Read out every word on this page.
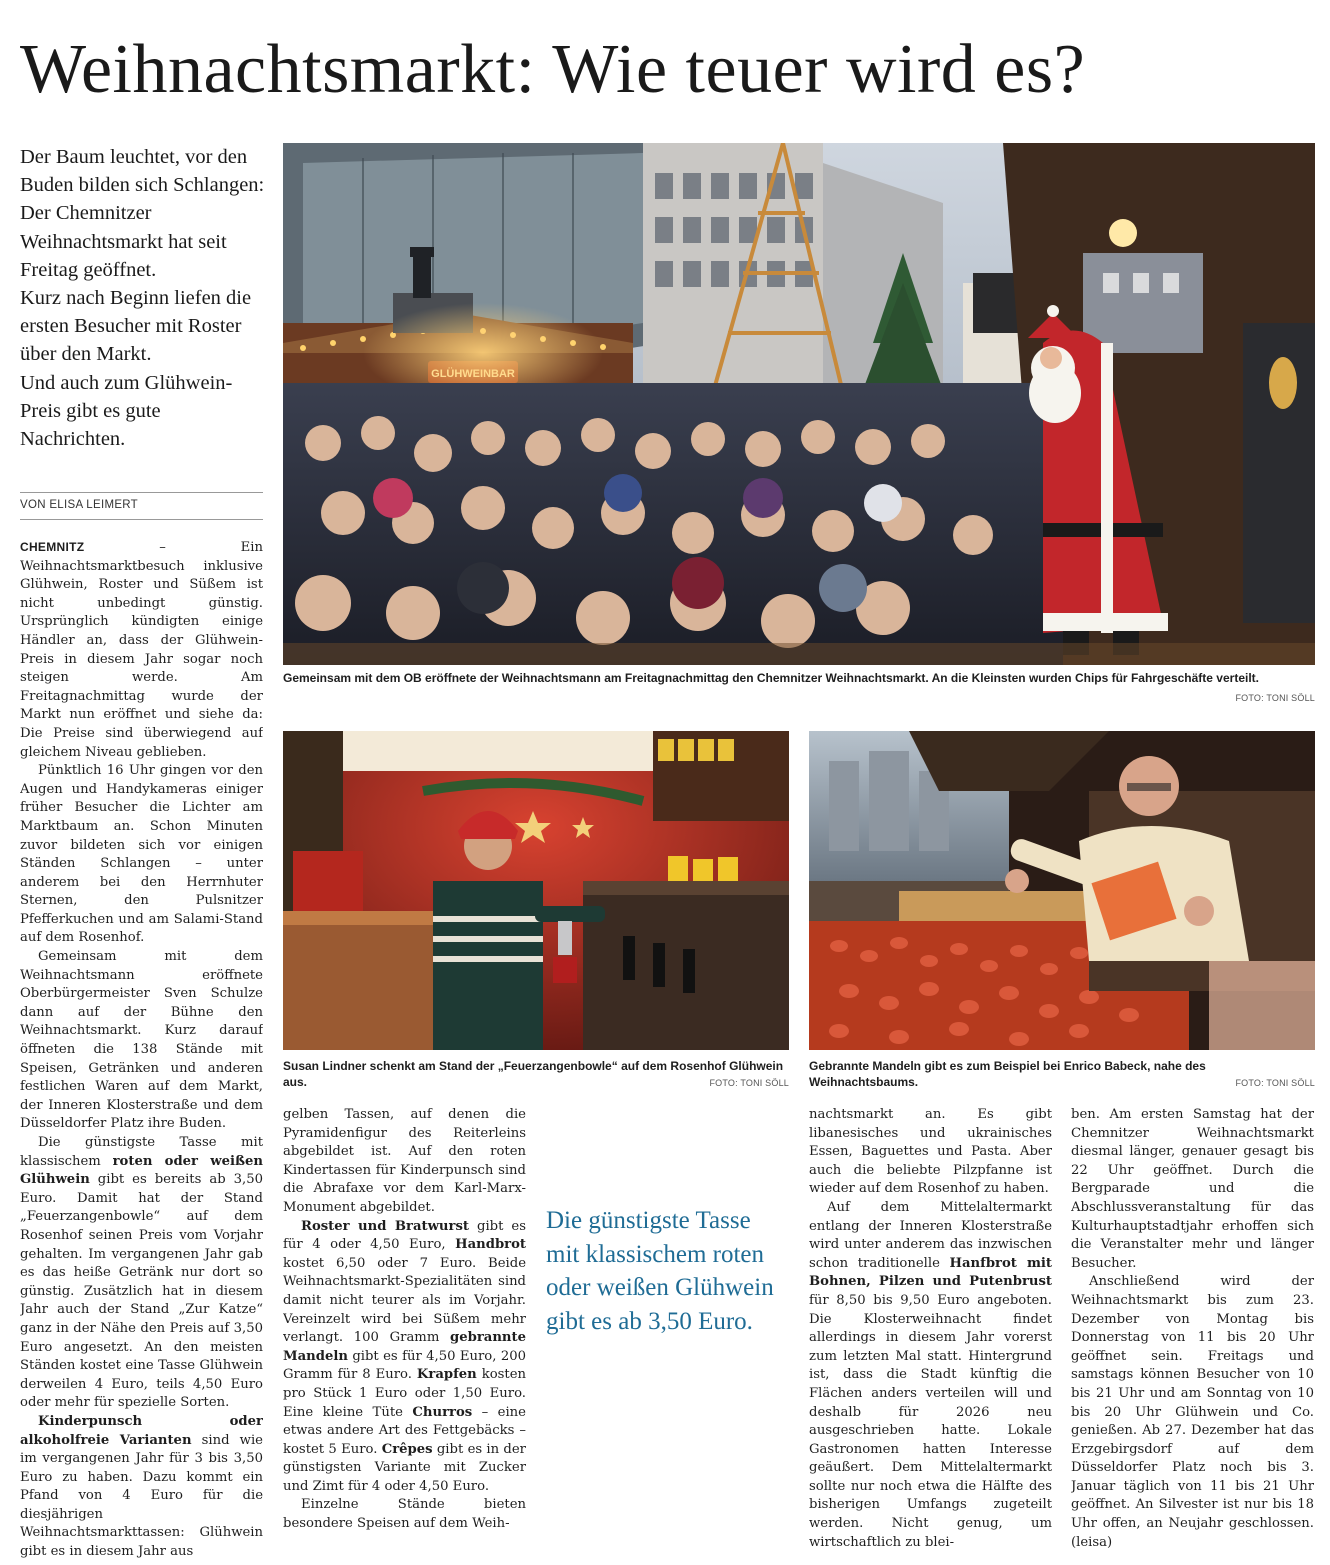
Weihnachtsmarkt: Wie teuer wird es?

Der Baum leuchtet, vor den Buden bilden sich Schlangen:

Der Chemnitzer Weihnachtsmarkt hat seit Freitag geöffnet.

Kurz nach Beginn liefen die ersten Besucher mit Roster über den Markt.

Und auch zum Glühwein-Preis gibt es gute Nachrichten.

VON ELISA LEIMERT
Gemeinsam mit dem OB eröffnete der Weihnachtsmann am Freitagnachmittag den Chemnitzer Weihnachtsmarkt. An die Kleinsten wurden Chips für Fahrgeschäfte verteilt.
FOTO: TONI SÖLL
Susan Lindner schenkt am Stand der „Feuerzangenbowle“ auf dem Rosenhof Glühwein aus.	FOTO: TONI SÖLL
Gebrannte Mandeln gibt es zum Beispiel bei Enrico Babeck, nahe des Weihnachtsbaums.	FOTO: TONI SÖLL

CHEMNITZ – Ein Weihnachtsmarktbesuch inklusive Glühwein, Roster und Süßem ist nicht unbedingt günstig. Ursprünglich kündigten einige Händler an, dass der Glühwein-Preis in diesem Jahr sogar noch steigen werde. Am Freitagnachmittag wurde der Markt nun eröffnet und siehe da: Die Preise sind überwiegend auf gleichem Niveau geblieben.

Pünktlich 16 Uhr gingen vor den Augen und Handykameras einiger früher Besucher die Lichter am Marktbaum an. Schon Minuten zuvor bildeten sich vor einigen Ständen Schlangen – unter anderem bei den Herrnhuter Sternen, den Pulsnitzer Pfefferkuchen und am Salami-Stand auf dem Rosenhof.

Gemeinsam mit dem Weihnachtsmann eröffnete Oberbürgermeister Sven Schulze dann auf der Bühne den Weihnachtsmarkt. Kurz darauf öffneten die 138 Stände mit Speisen, Getränken und anderen festlichen Waren auf dem Markt, der Inneren Klosterstraße und dem Düsseldorfer Platz ihre Buden.

Die günstigste Tasse mit klassischem roten oder weißen Glühwein gibt es bereits ab 3,50 Euro. Damit hat der Stand „Feuerzangenbowle“ auf dem Rosenhof seinen Preis vom Vorjahr gehalten. Im vergangenen Jahr gab es das heiße Getränk nur dort so günstig. Zusätzlich hat in diesem Jahr auch der Stand „Zur Katze“ ganz in der Nähe den Preis auf 3,50 Euro angesetzt. An den meisten Ständen kostet eine Tasse Glühwein derweilen 4 Euro, teils 4,50 Euro oder mehr für spezielle Sorten.

Kinderpunsch oder alkoholfreie Varianten sind wie im vergangenen Jahr für 3 bis 3,50 Euro zu haben. Dazu kommt ein Pfand von 4 Euro für die diesjährigen Weihnachtsmarkttassen: Glühwein gibt es in diesem Jahr aus

gelben Tassen, auf denen die Pyramidenfigur des Reiterleins abgebildet ist. Auf den roten Kindertassen für Kinderpunsch sind die Abrafaxe vor dem Karl-Marx-Monument abgebildet.

Roster und Bratwurst gibt es für 4 oder 4,50 Euro, Handbrot kostet 6,50 oder 7 Euro. Beide Weihnachtsmarkt-Spezialitäten sind damit nicht teurer als im Vorjahr. Vereinzelt wird bei Süßem mehr verlangt. 100 Gramm gebrannte Mandeln gibt es für 4,50 Euro, 200 Gramm für 8 Euro. Krapfen kosten pro Stück 1 Euro oder 1,50 Euro. Eine kleine Tüte Churros – eine etwas andere Art des Fettgebäcks – kostet 5 Euro. Crêpes gibt es in der günstigsten Variante mit Zucker und Zimt für 4 oder 4,50 Euro.

Einzelne Stände bieten besondere Speisen auf dem Weih-

Die günstigste Tasse mit klassischem roten oder weißen Glühwein gibt es ab 3,50 Euro.

nachtsmarkt an. Es gibt libanesisches und ukrainisches Essen, Baguettes und Pasta. Aber auch die beliebte Pilzpfanne ist wieder auf dem Rosenhof zu haben.

Auf dem Mittelaltermarkt entlang der Inneren Klosterstraße wird unter anderem das inzwischen schon traditionelle Hanfbrot mit Bohnen, Pilzen und Putenbrust für 8,50 bis 9,50 Euro angeboten. Die Klosterweihnacht findet allerdings in diesem Jahr vorerst zum letzten Mal statt. Hintergrund ist, dass die Stadt künftig die Flächen anders verteilen will und deshalb für 2026 neu ausgeschrieben hatte. Lokale Gastronomen hatten Interesse geäußert. Dem Mittelaltermarkt sollte nur noch etwa die Hälfte des bisherigen Umfangs zugeteilt werden. Nicht genug, um wirtschaftlich zu blei-

ben. Am ersten Samstag hat der Chemnitzer Weihnachtsmarkt diesmal länger, genauer gesagt bis 22 Uhr geöffnet. Durch die Bergparade und die Abschlussveranstaltung für das Kulturhauptstadtjahr erhoffen sich die Veranstalter mehr und länger Besucher.

Anschließend wird der Weihnachtsmarkt bis zum 23. Dezember von Montag bis Donnerstag von 11 bis 20 Uhr geöffnet sein. Freitags und samstags können Besucher von 10 bis 21 Uhr und am Sonntag von 10 bis 20 Uhr Glühwein und Co. genießen. Ab 27. Dezember hat das Erzgebirgsdorf auf dem Düsseldorfer Platz noch bis 3. Januar täglich von 11 bis 21 Uhr geöffnet. An Silvester ist nur bis 18 Uhr offen, an Neujahr geschlossen. (leisa)
